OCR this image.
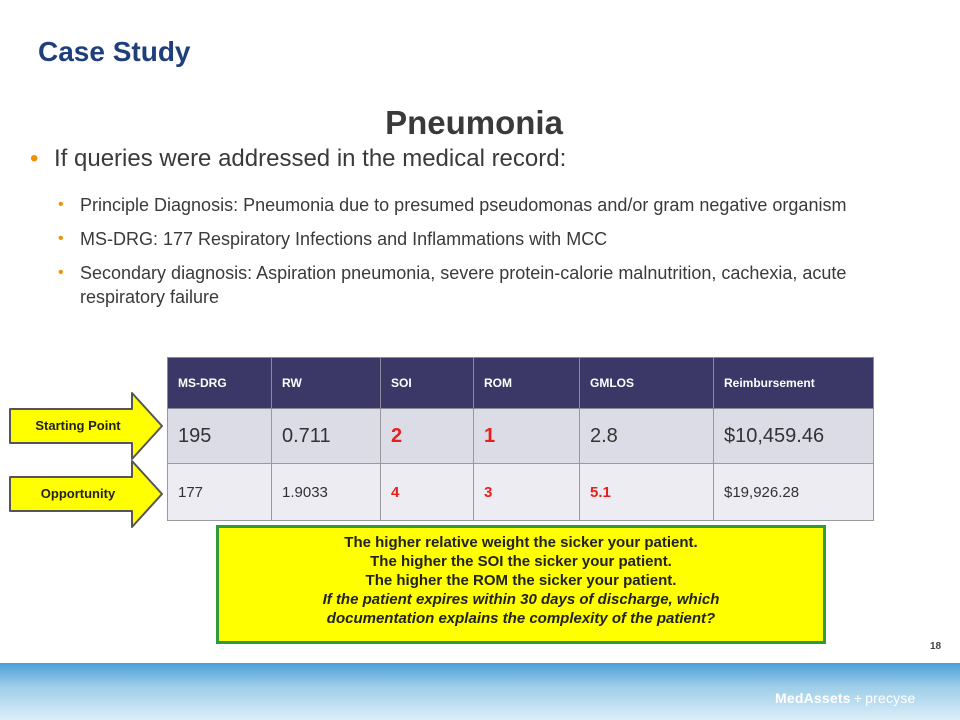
Case Study
Pneumonia
• If queries were addressed in the medical record:
• Principle Diagnosis: Pneumonia due to presumed pseudomonas and/or gram negative organism
• MS-DRG: 177 Respiratory Infections and Inflammations with MCC
• Secondary diagnosis: Aspiration pneumonia, severe protein-calorie malnutrition, cachexia, acute respiratory failure
Starting Point
Opportunity
MS-DRG	RW	SOI	ROM	GMLOS	Reimbursement
195	0.711	2	1	2.8	$10,459.46
177	1.9033	4	3	5.1	$19,926.28
The higher relative weight the sicker your patient.
The higher the SOI the sicker your patient.
The higher the ROM the sicker your patient.
If the patient expires within 30 days of discharge, which
documentation explains the complexity of the patient?
18
MedAssets + precyse
